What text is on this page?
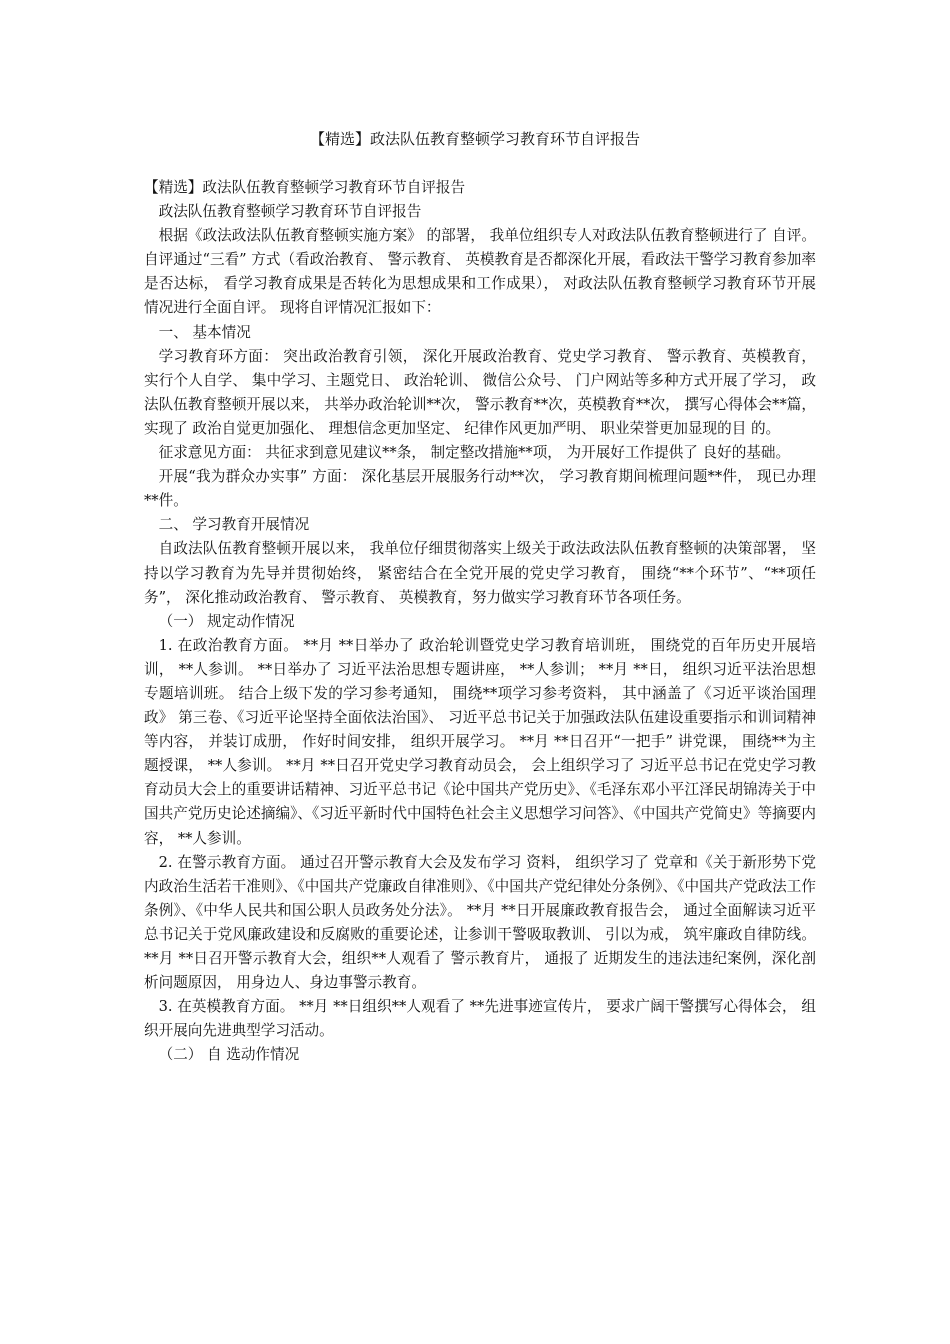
【精选】政法队伍教育整顿学习教育环节自评报告

【精选】政法队伍教育整顿学习教育环节自评报告

政法队伍教育整顿学习教育环节自评报告

根据《政法政法队伍教育整顿实施方案》 的部署， 我单位组织专人对政法队伍教育整顿进行了 自评。 自评通过“三看” 方式（看政治教育、 警示教育、 英模教育是否都深化开展，看政法干警学习教育参加率是否达标， 看学习教育成果是否转化为思想成果和工作成果）， 对政法队伍教育整顿学习教育环节开展情况进行全面自评。 现将自评情况汇报如下：

一、 基本情况

学习教育环方面： 突出政治教育引领， 深化开展政治教育、党史学习教育、 警示教育、英模教育， 实行个人自学、 集中学习、主题党日、 政治轮训、 微信公众号、 门户网站等多种方式开展了学习， 政法队伍教育整顿开展以来， 共举办政治轮训**次， 警示教育**次，英模教育**次， 撰写心得体会**篇， 实现了 政治自觉更加强化、 理想信念更加坚定、 纪律作风更加严明、 职业荣誉更加显现的目 的。

征求意见方面： 共征求到意见建议**条， 制定整改措施**项， 为开展好工作提供了 良好的基础。

开展“我为群众办实事” 方面： 深化基层开展服务行动**次， 学习教育期间梳理问题**件， 现已办理**件。

二、 学习教育开展情况

自政法队伍教育整顿开展以来， 我单位仔细贯彻落实上级关于政法政法队伍教育整顿的决策部署， 坚持以学习教育为先导并贯彻始终， 紧密结合在全党开展的党史学习教育， 围绕“**个环节”、“**项任务”， 深化推动政治教育、 警示教育、 英模教育，努力做实学习教育环节各项任务。

（一） 规定动作情况

1. 在政治教育方面。 **月 **日举办了 政治轮训暨党史学习教育培训班， 围绕党的百年历史开展培训， **人参训。 **日举办了 习近平法治思想专题讲座， **人参训； **月 **日， 组织习近平法治思想专题培训班。 结合上级下发的学习参考通知， 围绕**项学习参考资料， 其中涵盖了《习近平谈治国理政》 第三卷、《习近平论坚持全面依法治国》、 习近平总书记关于加强政法队伍建设重要指示和训词精神等内容， 并装订成册， 作好时间安排， 组织开展学习。 **月 **日召开“一把手” 讲党课， 围绕**为主题授课， **人参训。 **月 **日召开党史学习教育动员会， 会上组织学习了 习近平总书记在党史学习教育动员大会上的重要讲话精神、习近平总书记《论中国共产党历史》、《毛泽东邓小平江泽民胡锦涛关于中国共产党历史论述摘编》、《习近平新时代中国特色社会主义思想学习问答》、《中国共产党简史》等摘要内容， **人参训。

2. 在警示教育方面。 通过召开警示教育大会及发布学习 资料， 组织学习了 党章和《关于新形势下党内政治生活若干准则》、《中国共产党廉政自律准则》、《中国共产党纪律处分条例》、《中国共产党政法工作条例》、《中华人民共和国公职人员政务处分法》。 **月 **日开展廉政教育报告会， 通过全面解读习近平总书记关于党风廉政建设和反腐败的重要论述，让参训干警吸取教训、 引以为戒， 筑牢廉政自律防线。 **月 **日召开警示教育大会，组织**人观看了 警示教育片， 通报了 近期发生的违法违纪案例，深化剖析问题原因， 用身边人、身边事警示教育。

3. 在英模教育方面。 **月 **日组织**人观看了 **先进事迹宣传片， 要求广阔干警撰写心得体会， 组织开展向先进典型学习活动。

（二） 自 选动作情况
